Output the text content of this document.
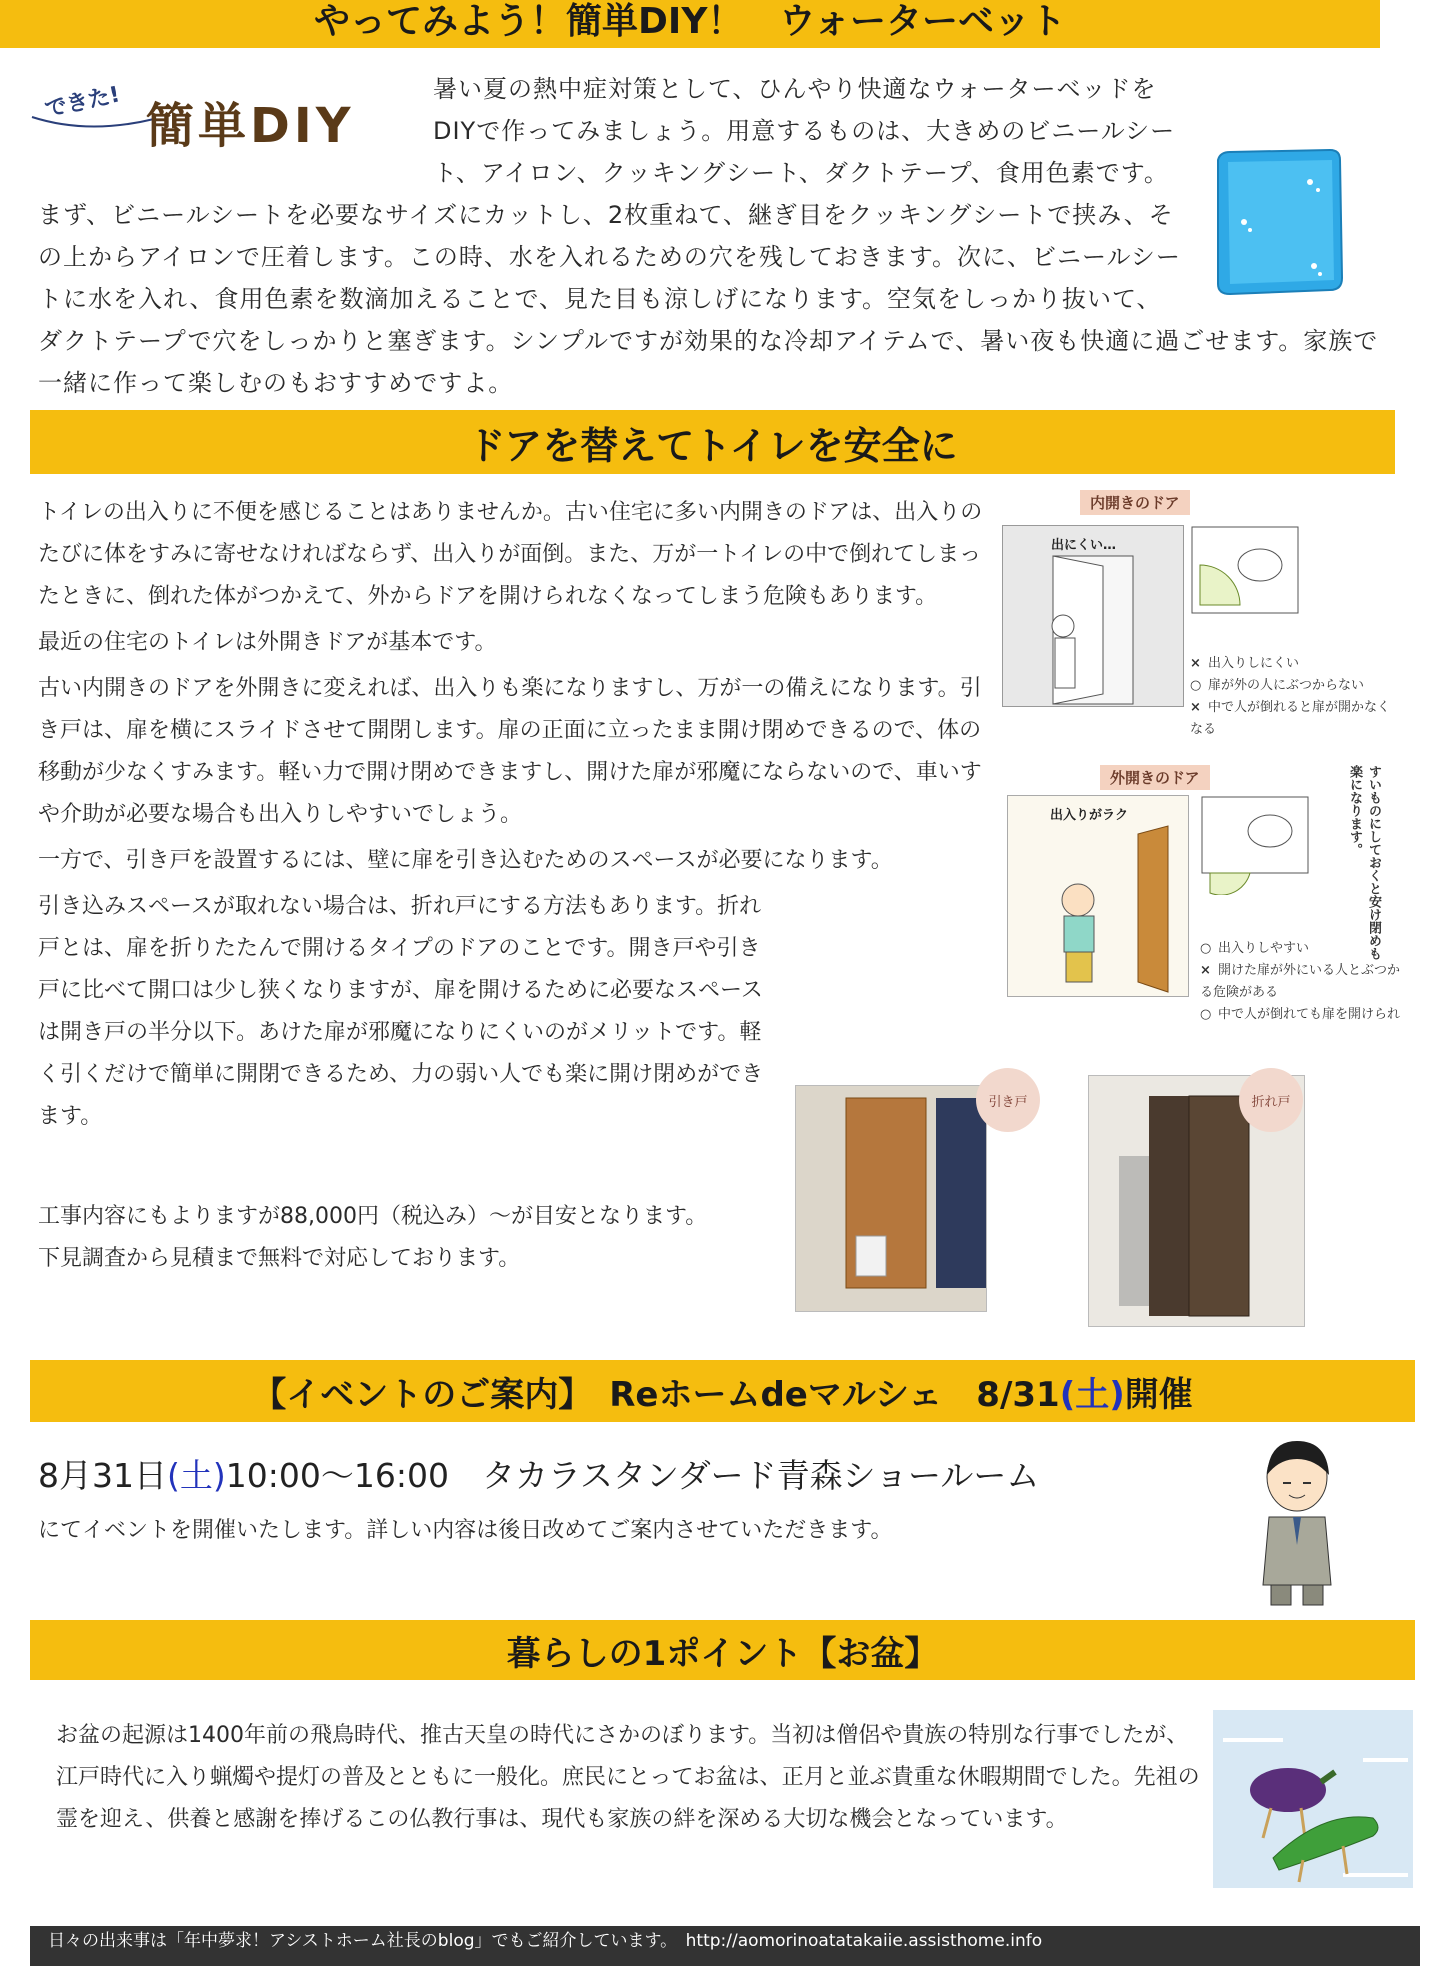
やってみよう！簡単DIY！　ウォーターベット
できた! 簡単DIY

暑い夏の熱中症対策として、ひんやり快適なウォーターベッドをDIYで作ってみましょう。用意するものは、大きめのビニールシート、アイロン、クッキングシート、ダクトテープ、食用色素です。まず、ビニールシートを必要なサイズにカットし、2枚重ねて、継ぎ目をクッキングシートで挟み、その上からアイロンで圧着します。この時、水を入れるための穴を残しておきます。次に、ビニールシートに水を入れ、食用色素を数滴加えることで、見た目も涼しげになります。空気をしっかり抜いて、ダクトテープで穴をしっかりと塞ぎます。シンプルですが効果的な冷却アイテムで、暑い夜も快適に過ごせます。家族で一緒に作って楽しむのもおすすめですよ。

ドアを替えてトイレを安全に

トイレの出入りに不便を感じることはありませんか。古い住宅に多い内開きのドアは、出入りのたびに体をすみに寄せなければならず、出入りが面倒。また、万が一トイレの中で倒れてしまったときに、倒れた体がつかえて、外からドアを開けられなくなってしまう危険もあります。

最近の住宅のトイレは外開きドアが基本です。

古い内開きのドアを外開きに変えれば、出入りも楽になりますし、万が一の備えになります。引き戸は、扉を横にスライドさせて開閉します。扉の正面に立ったまま開け閉めできるので、体の移動が少なくすみます。軽い力で開け閉めできますし、開けた扉が邪魔にならないので、車いすや介助が必要な場合も出入りしやすいでしょう。

一方で、引き戸を設置するには、壁に扉を引き込むためのスペースが必要になります。

引き込みスペースが取れない場合は、折れ戸にする方法もあります。折れ戸とは、扉を折りたたんで開けるタイプのドアのことです。開き戸や引き戸に比べて開口は少し狭くなりますが、扉を開けるために必要なスペースは開き戸の半分以下。あけた扉が邪魔になりにくいのがメリットです。軽く引くだけで簡単に開閉できるため、力の弱い人でも楽に開け閉めができます。

工事内容にもよりますが88,000円（税込み）～が目安となります。

下見調査から見積まで無料で対応しております。

内開きのドア
出にくい…
× 出入りしにくい
○ 扉が外の人にぶつからない
× 中で人が倒れると扉が開かなくなる
外開きのドア
出入りがラク	すいものにしておくと安け閉めも楽になります。
○ 出入りしやすい
× 開けた扉が外にいる人とぶつかる危険がある
○ 中で人が倒れても扉を開けられ
引き戸	折れ戸
【イベントのご案内】　Reホームdeマルシェ　8/31 (土) 開催
8月31日(土)10:00～16:00　タカラスタンダード青森ショールーム

にてイベントを開催いたします。詳しい内容は後日改めてご案内させていただきます。

暮らしの1ポイント【お盆】

お盆の起源は1400年前の飛鳥時代、推古天皇の時代にさかのぼります。当初は僧侶や貴族の特別な行事でしたが、江戸時代に入り蝋燭や提灯の普及とともに一般化。庶民にとってお盆は、正月と並ぶ貴重な休暇期間でした。先祖の霊を迎え、供養と感謝を捧げるこの仏教行事は、現代も家族の絆を深める大切な機会となっています。

日々の出来事は「年中夢求！アシストホーム社長のblog」でもご紹介しています。　http://aomorinoatatakaiie.assisthome.info
